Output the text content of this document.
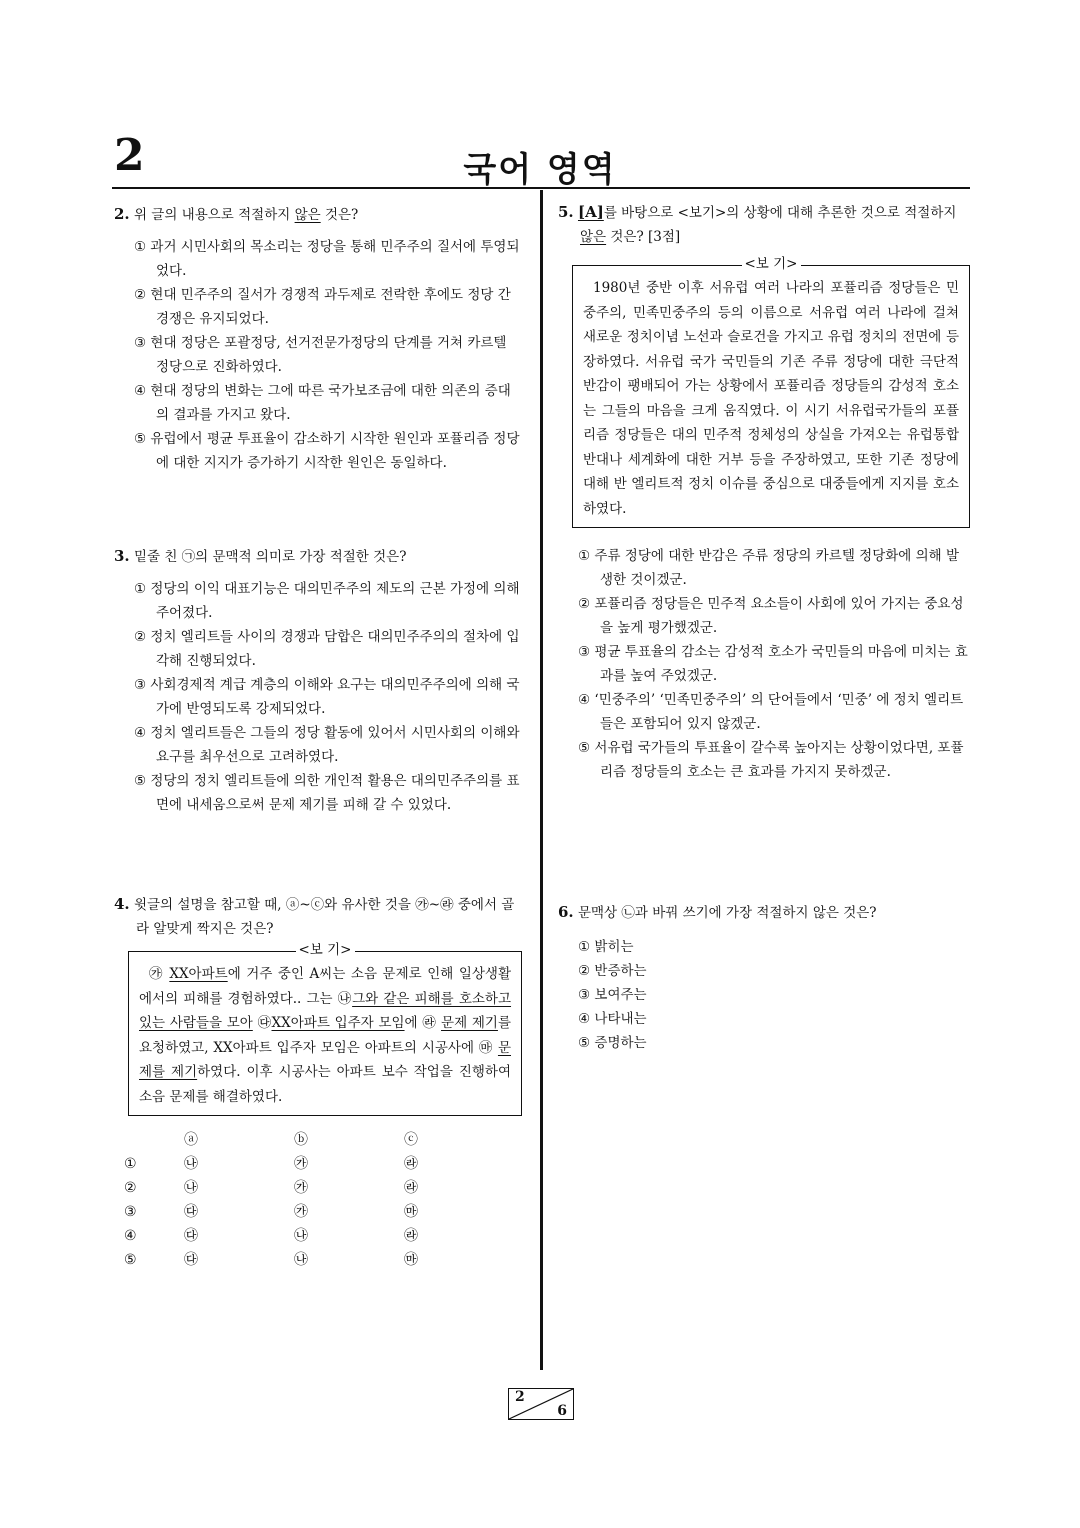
2	국어 영역

2. 위 글의 내용으로 적절하지 않은 것은?

① 과거 시민사회의 목소리는 정당을 통해 민주주의 질서에 투영되었다.
② 현대 민주주의 질서가 경쟁적 과두제로 전락한 후에도 정당 간 경쟁은 유지되었다.
③ 현대 정당은 포괄정당, 선거전문가정당의 단계를 거쳐 카르텔 정당으로 진화하였다.
④ 현대 정당의 변화는 그에 따른 국가보조금에 대한 의존의 증대의 결과를 가지고 왔다.
⑤ 유럽에서 평균 투표율이 감소하기 시작한 원인과 포퓰리즘 정당에 대한 지지가 증가하기 시작한 원인은 동일하다.

3. 밑줄 친 ㉠의 문맥적 의미로 가장 적절한 것은?

① 정당의 이익 대표기능은 대의민주주의 제도의 근본 가정에 의해 주어졌다.
② 정치 엘리트들 사이의 경쟁과 담합은 대의민주주의의 절차에 입각해 진행되었다.
③ 사회경제적 계급 계층의 이해와 요구는 대의민주주의에 의해 국가에 반영되도록 강제되었다.
④ 정치 엘리트들은 그들의 정당 활동에 있어서 시민사회의 이해와 요구를 최우선으로 고려하였다.
⑤ 정당의 정치 엘리트들에 의한 개인적 활용은 대의민주주의를 표면에 내세움으로써 문제 제기를 피해 갈 수 있었다.

4. 윗글의 설명을 참고할 때, ⓐ~ⓒ와 유사한 것을 ㉮~㉱ 중에서 골라 알맞게 짝지은 것은?

<보 기>

㉮ XX아파트에 거주 중인 A씨는 소음 문제로 인해 일상생활에서의 피해를 경험하였다.. 그는 ㉯그와 같은 피해를 호소하고 있는 사람들을 모아 ㉰XX아파트 입주자 모임에 ㉱ 문제 제기를 요청하였고, XX아파트 입주자 모임은 아파트의 시공사에 ㉲ 문제를 제기하였다. 이후 시공사는 아파트 보수 작업을 진행하여 소음 문제를 해결하였다.

	ⓐ	ⓑ	ⓒ
①	㉯	㉮	㉱
②	㉯	㉮	㉱
③	㉰	㉮	㉲
④	㉰	㉯	㉱
⑤	㉰	㉯	㉲

5. [A]를 바탕으로 <보기>의 상황에 대해 추론한 것으로 적절하지 않은 것은? [3점]

<보 기>

1980년 중반 이후 서유럽 여러 나라의 포퓰리즘 정당들은 민중주의, 민족민중주의 등의 이름으로 서유럽 여러 나라에 걸쳐 새로운 정치이념 노선과 슬로건을 가지고 유럽 정치의 전면에 등장하였다. 서유럽 국가 국민들의 기존 주류 정당에 대한 극단적 반감이 팽배되어 가는 상황에서 포퓰리즘 정당들의 감성적 호소는 그들의 마음을 크게 움직였다. 이 시기 서유럽국가들의 포퓰리즘 정당들은 대의 민주적 정체성의 상실을 가져오는 유럽통합 반대나 세계화에 대한 거부 등을 주장하였고, 또한 기존 정당에 대해 반 엘리트적 정치 이슈를 중심으로 대중들에게 지지를 호소하였다.

① 주류 정당에 대한 반감은 주류 정당의 카르텔 정당화에 의해 발생한 것이겠군.
② 포퓰리즘 정당들은 민주적 요소들이 사회에 있어 가지는 중요성을 높게 평가했겠군.
③ 평균 투표율의 감소는 감성적 호소가 국민들의 마음에 미치는 효과를 높여 주었겠군.
④ ‘민중주의’ ‘민족민중주의’ 의 단어들에서 ‘민중’ 에 정치 엘리트들은 포함되어 있지 않겠군.
⑤ 서유럽 국가들의 투표율이 갈수록 높아지는 상황이었다면, 포퓰리즘 정당들의 호소는 큰 효과를 가지지 못하겠군.

6. 문맥상 ㉡과 바꿔 쓰기에 가장 적절하지 않은 것은?

① 밝히는
② 반증하는
③ 보여주는
④ 나타내는
⑤ 증명하는
2
6
